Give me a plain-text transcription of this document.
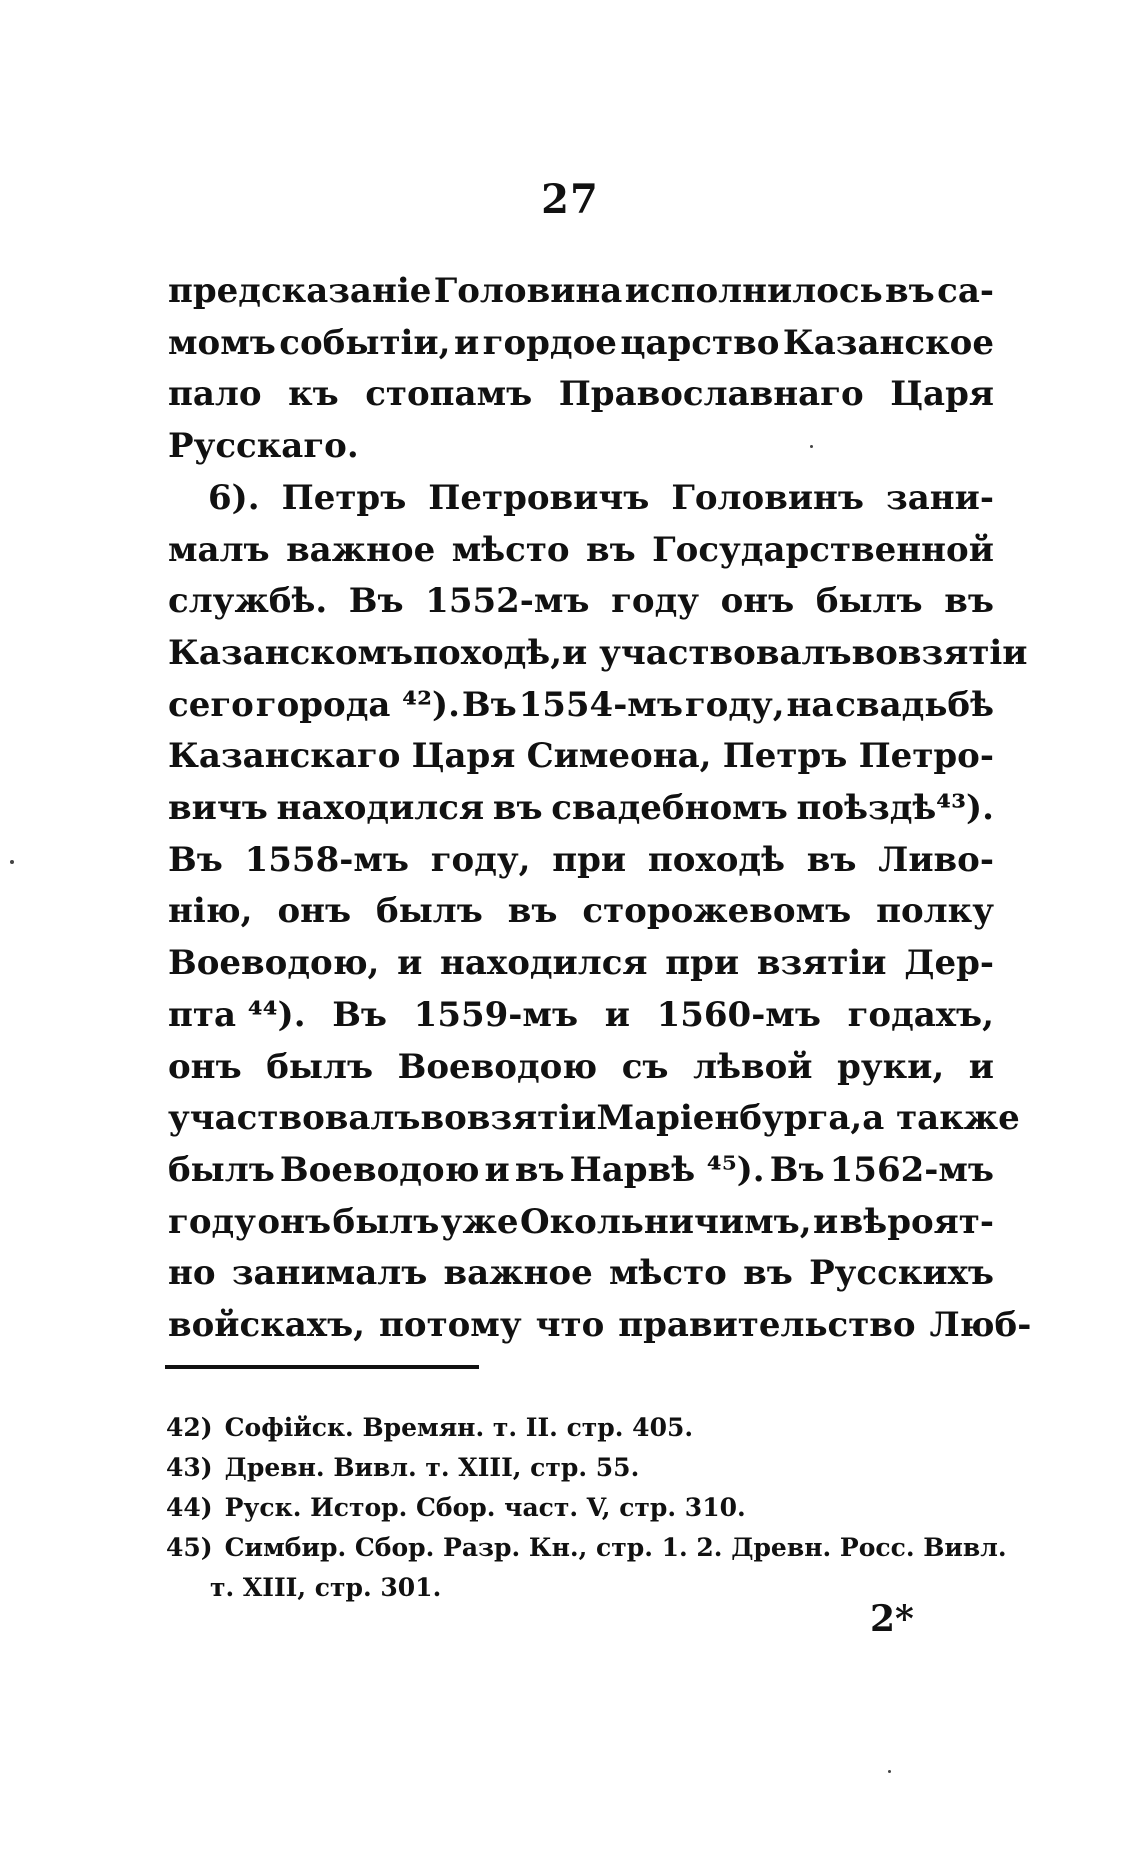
27
предсказаніе Головина исполнилось въ са-
момъ событіи, и гордое царство Казанское
пало къ стопамъ Православнаго Царя
Русскаго.
6). Петръ Петровичъ Головинъ зани-
малъ важное мѣсто въ Государственной
службѣ. Въ 1552-мъ году онъ былъ въ
Казанскомъ походѣ, и участвовалъ во взятіи
сего города ⁴²). Въ 1554-мъ году, на свадьбѣ
Казанскаго Царя Симеона, Петръ Петро-
вичъ находился въ свадебномъ поѣздѣ⁴³).
Въ 1558-мъ году, при походѣ въ Ливо-
нію, онъ былъ въ сторожевомъ полку
Воеводою, и находился при взятіи Дер-
пта ⁴⁴). Въ 1559-мъ и 1560-мъ годахъ,
онъ былъ Воеводою съ лѣвой руки, и
участвовалъ во взятіи Маріенбурга, а также
былъ Воеводою и въ Нарвѣ ⁴⁵). Въ 1562-мъ
году онъ былъ уже Окольничимъ, и вѣроят-
но занималъ важное мѣсто въ Русскихъ
войскахъ, потому что правительство Люб-
42) Софійск. Времян. т. II. стр. 405.
43) Древн. Вивл. т. XIII, стр. 55.
44) Руск. Истор. Сбор. част. V, стр. 310.
45) Симбир. Сбор. Разр. Кн., стр. 1. 2. Древн. Росс. Вивл.
т. XIII, стр. 301.
2*
